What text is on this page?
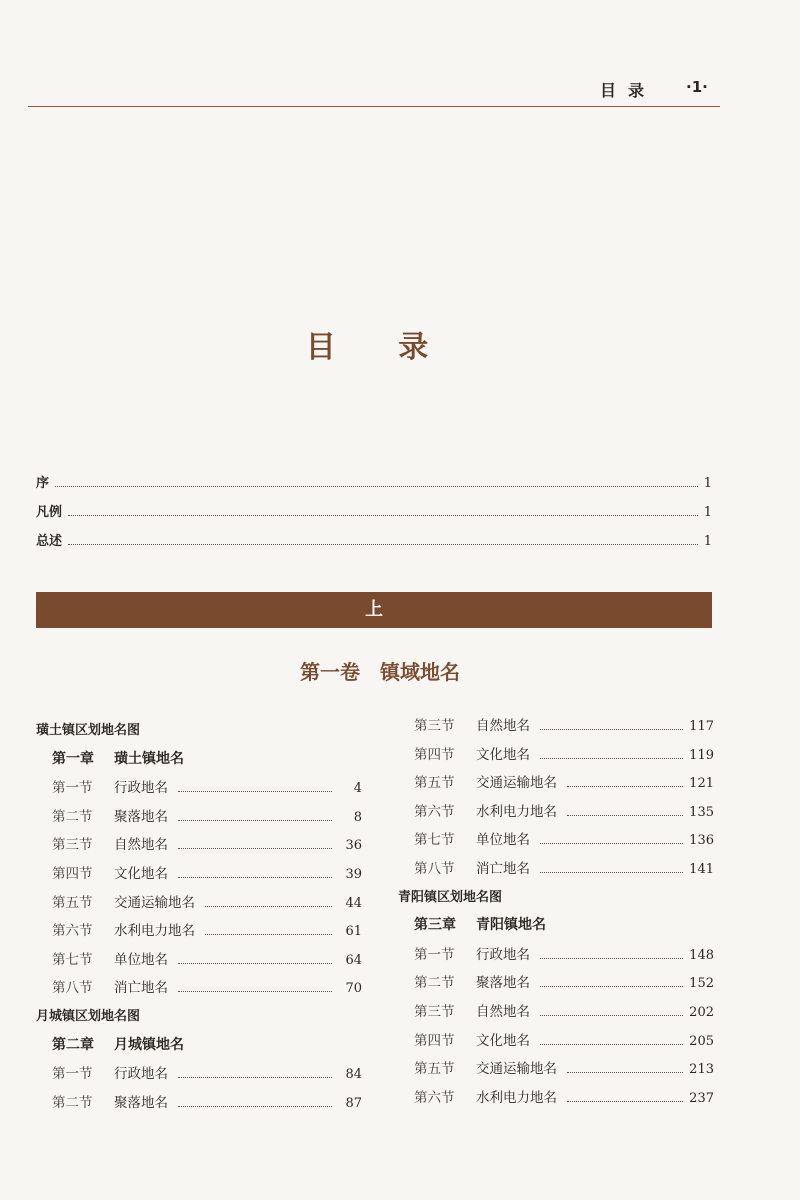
目录 ·1·
目 录
序	1
凡例	1
总述	1
上
第一卷　镇域地名
璜土镇区划地名图
第一章	璜土镇地名
第一节	行政地名	4
第二节	聚落地名	8
第三节	自然地名	36
第四节	文化地名	39
第五节	交通运输地名	44
第六节	水利电力地名	61
第七节	单位地名	64
第八节	消亡地名	70
月城镇区划地名图
第二章	月城镇地名
第一节	行政地名	84
第二节	聚落地名	87
第三节	自然地名	117
第四节	文化地名	119
第五节	交通运输地名	121
第六节	水利电力地名	135
第七节	单位地名	136
第八节	消亡地名	141
青阳镇区划地名图
第三章	青阳镇地名
第一节	行政地名	148
第二节	聚落地名	152
第三节	自然地名	202
第四节	文化地名	205
第五节	交通运输地名	213
第六节	水利电力地名	237
